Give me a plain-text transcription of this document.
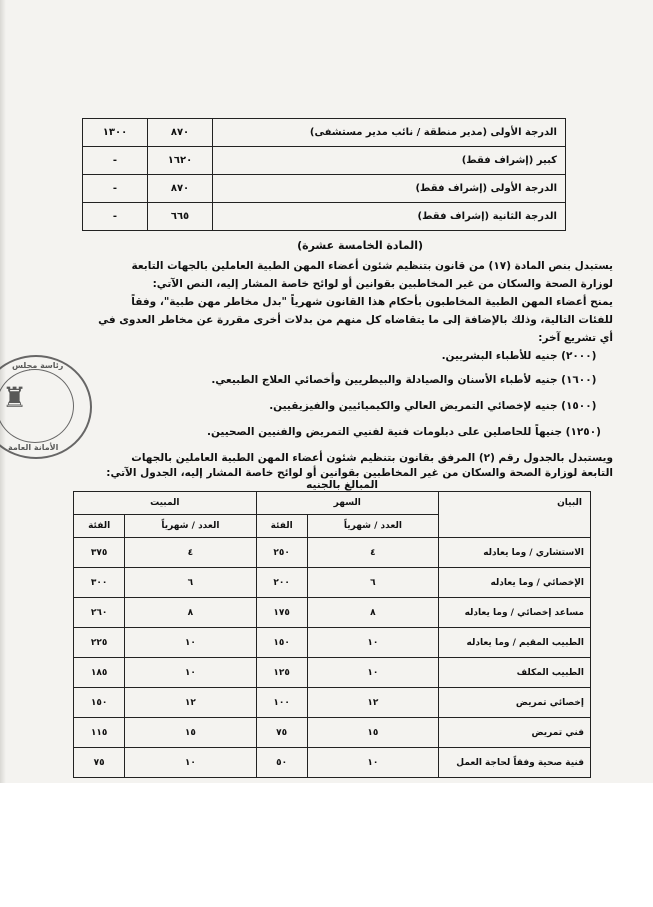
١٣٠٠	٨٧٠	الدرجة الأولى (مدير منطقة / نائب مدير مستشفى)
-	١٦٢٠	كبير (إشراف فقط)
-	٨٧٠	الدرجة الأولى (إشراف فقط)
-	٦٦٥	الدرجة الثانية (إشراف فقط)
(المادة الخامسة عشرة)
يستبدل بنص المادة (١٧) من قانون بتنظيم شئون أعضاء المهن الطبية العاملين بالجهات التابعة
لوزارة الصحة والسكان من غير المخاطبين بقوانين أو لوائح خاصة المشار إليه، النص الآتي:
يمنح أعضاء المهن الطبية المخاطبون بأحكام هذا القانون شهرياً "بدل مخاطر مهن طبية"، وفقاً
للفئات التالية، وذلك بالإضافة إلى ما يتقاضاه كل منهم من بدلات أخرى مقررة عن مخاطر العدوى في
أي تشريع آخر:
(٢٠٠٠) جنيه للأطباء البشريين.
(١٦٠٠) جنيه لأطباء الأسنان والصيادلة والبيطريين وأخصائي العلاج الطبيعي.
(١٥٠٠) جنيه لإخصائي التمريض العالي والكيميائيين والفيزيقيين.
(١٢٥٠) جنيهاً للحاصلين على دبلومات فنية لفنيي التمريض والفنيين الصحيين.
ويستبدل بالجدول رقم (٢) المرفق بقانون بتنظيم شئون أعضاء المهن الطبية العاملين بالجهات
التابعة لوزارة الصحة والسكان من غير المخاطبين بقوانين أو لوائح خاصة المشار إليه، الجدول الآتي:
المبالغ بالجنيه
♜
رئاسة مجلس
الأمانة العامة
البيان	السهر		المبيت	
	العدد / شهرياً	الفئة	العدد / شهرياً	الفئة
الاستشاري / وما يعادله	٤	٢٥٠	٤	٣٧٥
الإخصائي / وما يعادله	٦	٢٠٠	٦	٣٠٠
مساعد إخصائي / وما يعادله	٨	١٧٥	٨	٢٦٠
الطبيب المقيم / وما يعادله	١٠	١٥٠	١٠	٢٢٥
الطبيب المكلف	١٠	١٢٥	١٠	١٨٥
إخصائي تمريض	١٢	١٠٠	١٢	١٥٠
فني تمريض	١٥	٧٥	١٥	١١٥
فنية صحية وفقاً لحاجة العمل	١٠	٥٠	١٠	٧٥
